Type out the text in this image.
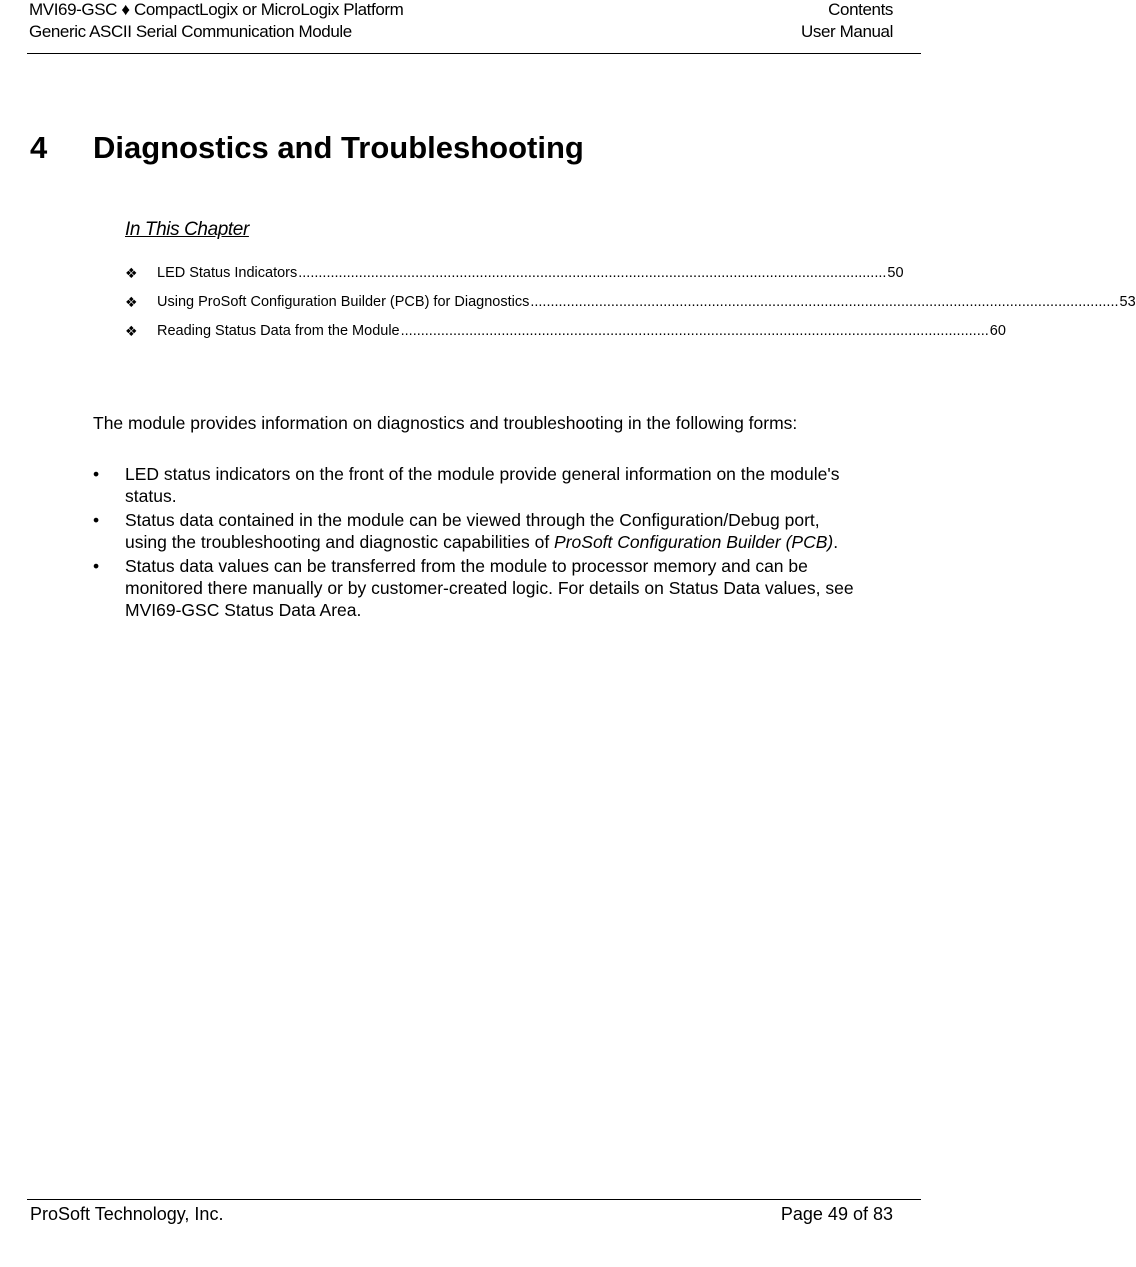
MVI69-GSC ♦ CompactLogix or MicroLogix Platform
Generic ASCII Serial Communication Module
Contents
User Manual
4 Diagnostics and Troubleshooting
In This Chapter
❖ LED Status Indicators .................................................................................................................................................. 50
❖ Using ProSoft Configuration Builder (PCB) for Diagnostics .................................................................................................................................................. 53
❖ Reading Status Data from the Module .................................................................................................................................................. 60

The module provides information on diagnostics and troubleshooting in the following forms:

• LED status indicators on the front of the module provide general information on the module's status.
• Status data contained in the module can be viewed through the Configuration/Debug port, using the troubleshooting and diagnostic capabilities of ProSoft Configuration Builder (PCB).
• Status data values can be transferred from the module to processor memory and can be monitored there manually or by customer-created logic. For details on Status Data values, see MVI69-GSC Status Data Area.
ProSoft Technology, Inc.	Page 49 of 83
